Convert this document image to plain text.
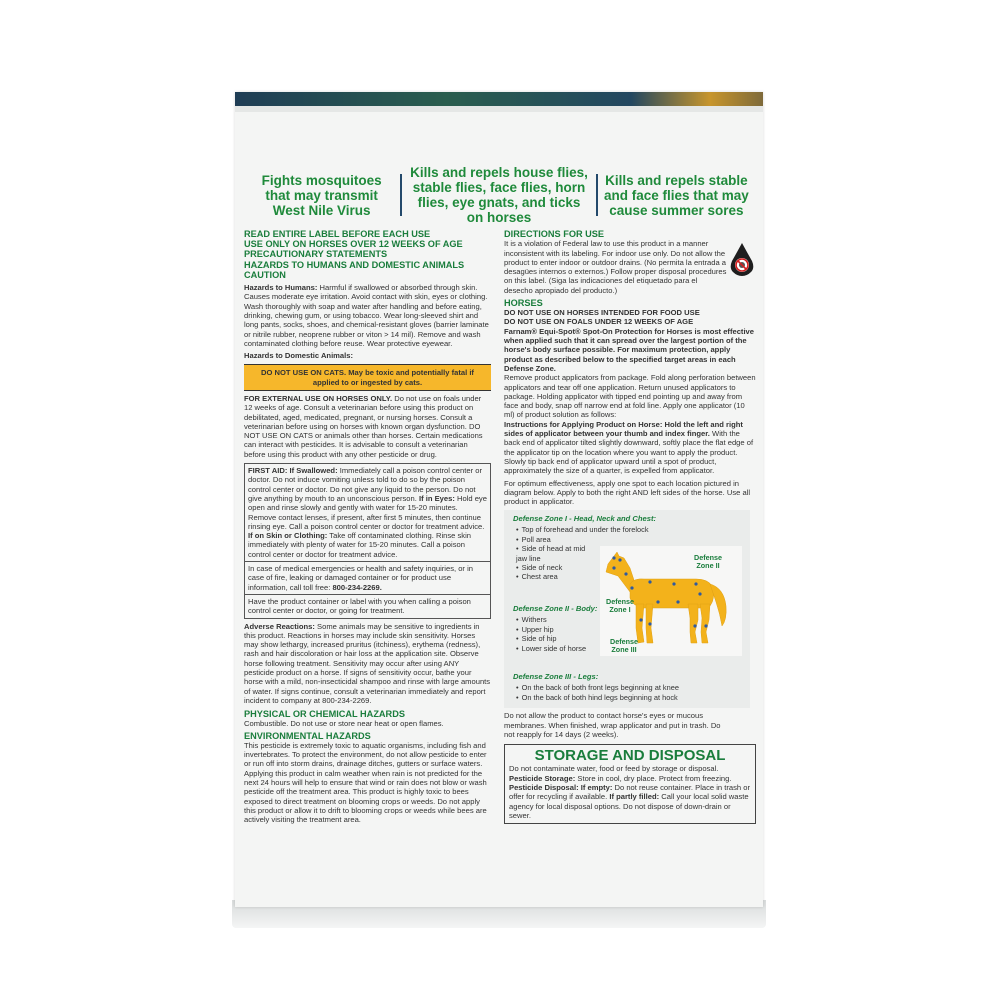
Fights mosquitoes that may transmit West Nile Virus
Kills and repels house flies, stable flies, face flies, horn flies, eye gnats, and ticks on horses
Kills and repels stable and face flies that may cause summer sores
READ ENTIRE LABEL BEFORE EACH USE
USE ONLY ON HORSES OVER 12 WEEKS OF AGE
PRECAUTIONARY STATEMENTS
HAZARDS TO HUMANS AND DOMESTIC ANIMALS
CAUTION
Hazards to Humans: Harmful if swallowed or absorbed through skin. Causes moderate eye irritation. Avoid contact with skin, eyes or clothing. Wash thoroughly with soap and water after handling and before eating, drinking, chewing gum, or using tobacco. Wear long-sleeved shirt and long pants, socks, shoes, and chemical-resistant gloves (barrier laminate or nitrile rubber, neoprene rubber or viton > 14 mil). Remove and wash contaminated clothing before reuse. Wear protective eyewear.
Hazards to Domestic Animals:
DO NOT USE ON CATS. May be toxic and potentially fatal if applied to or ingested by cats.
FOR EXTERNAL USE ON HORSES ONLY. Do not use on foals under 12 weeks of age. Consult a veterinarian before using this product on debilitated, aged, medicated, pregnant, or nursing horses. Consult a veterinarian before using on horses with known organ dysfunction. DO NOT USE ON CATS or animals other than horses. Certain medications can interact with pesticides. It is advisable to consult a veterinarian before using this product with any other pesticide or drug.
FIRST AID: If Swallowed: Immediately call a poison control center or doctor. Do not induce vomiting unless told to do so by the poison control center or doctor. Do not give any liquid to the person. Do not give anything by mouth to an unconscious person. If in Eyes: Hold eye open and rinse slowly and gently with water for 15-20 minutes. Remove contact lenses, if present, after first 5 minutes, then continue rinsing eye. Call a poison control center or doctor for treatment advice. If on Skin or Clothing: Take off contaminated clothing. Rinse skin immediately with plenty of water for 15-20 minutes. Call a poison control center or doctor for treatment advice.
In case of medical emergencies or health and safety inquiries, or in case of fire, leaking or damaged container or for product use information, call toll free: 800-234-2269.
Have the product container or label with you when calling a poison control center or doctor, or going for treatment.
Adverse Reactions: Some animals may be sensitive to ingredients in this product. Reactions in horses may include skin sensitivity. Horses may show lethargy, increased pruritus (itchiness), erythema (redness), rash and hair discoloration or hair loss at the application site. Observe horse following treatment. Sensitivity may occur after using ANY pesticide product on a horse. If signs of sensitivity occur, bathe your horse with a mild, non-insecticidal shampoo and rinse with large amounts of water. If signs continue, consult a veterinarian immediately and report incident to company at 800-234-2269.
PHYSICAL OR CHEMICAL HAZARDS
Combustible. Do not use or store near heat or open flames.
ENVIRONMENTAL HAZARDS
This pesticide is extremely toxic to aquatic organisms, including fish and invertebrates. To protect the environment, do not allow pesticide to enter or run off into storm drains, drainage ditches, gutters or surface waters. Applying this product in calm weather when rain is not predicted for the next 24 hours will help to ensure that wind or rain does not blow or wash pesticide off the treatment area. This product is highly toxic to bees exposed to direct treatment on blooming crops or weeds. Do not apply this product or allow it to drift to blooming crops or weeds while bees are actively visiting the treatment area.
DIRECTIONS FOR USE
It is a violation of Federal law to use this product in a manner inconsistent with its labeling. For indoor use only. Do not allow the product to enter indoor or outdoor drains. (No permita la entrada a desagües internos o externos.) Follow proper disposal procedures on this label. (Siga las indicaciones del etiquetado para el desecho apropiado del producto.)
HORSES
DO NOT USE ON HORSES INTENDED FOR FOOD USE
DO NOT USE ON FOALS UNDER 12 WEEKS OF AGE
Farnam® Equi-Spot® Spot-On Protection for Horses is most effective when applied such that it can spread over the largest portion of the horse's body surface possible. For maximum protection, apply product as described below to the specified target areas in each Defense Zone.
Remove product applicators from package. Fold along perforation between applicators and tear off one application. Return unused applicators to package. Holding applicator with tipped end pointing up and away from face and body, snap off narrow end at fold line. Apply one applicator (10 ml) of product solution as follows:
Instructions for Applying Product on Horse: Hold the left and right sides of applicator between your thumb and index finger. With the back end of applicator tilted slightly downward, softly place the flat edge of the applicator tip on the location where you want to apply the product. Slowly tip back end of applicator upward until a spot of product, approximately the size of a quarter, is expelled from applicator.
For optimum effectiveness, apply one spot to each location pictured in diagram below. Apply to both the right AND left sides of the horse. Use all product in applicator.
Defense Zone I - Head, Neck and Chest:
• Top of forehead and under the forelock
• Poll area
• Side of head at mid jaw line
• Side of neck
• Chest area
Defense Zone II - Body:
• Withers
• Upper hip
• Side of hip
• Lower side of horse
Defense Zone II
Defense Zone I
Defense Zone III
Defense Zone III - Legs:
• On the back of both front legs beginning at knee
• On the back of both hind legs beginning at hock
Do not allow the product to contact horse's eyes or mucous membranes. When finished, wrap applicator and put in trash. Do not reapply for 14 days (2 weeks).
STORAGE AND DISPOSAL
Do not contaminate water, food or feed by storage or disposal.
Pesticide Storage: Store in cool, dry place. Protect from freezing.
Pesticide Disposal: If empty: Do not reuse container. Place in trash or offer for recycling if available. If partly filled: Call your local solid waste agency for local disposal options. Do not dispose of down-drain or sewer.
